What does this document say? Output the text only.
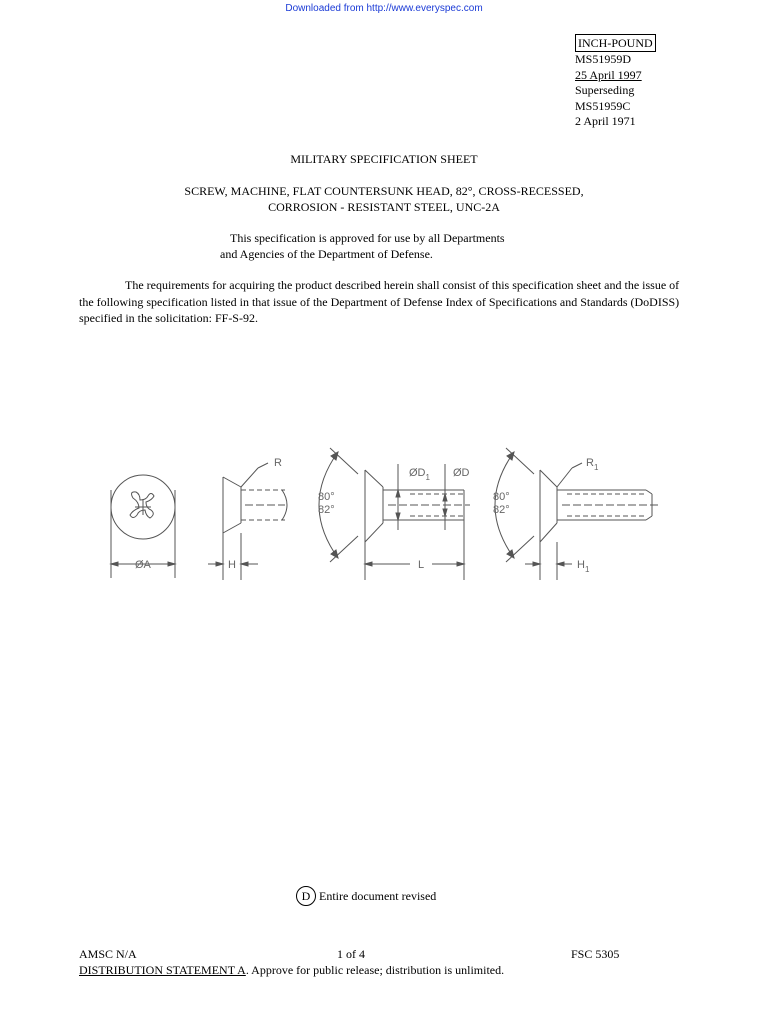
Downloaded from http://www.everyspec.com
INCH-POUND
MS51959D
25 April 1997
Superseding
MS51959C
2 April 1971
MILITARY SPECIFICATION SHEET
SCREW, MACHINE, FLAT COUNTERSUNK HEAD, 82°, CROSS-RECESSED,
CORROSION - RESISTANT STEEL, UNC-2A
This specification is approved for use by all Departments
and Agencies of the Department of Defense.
The requirements for acquiring the product described herein shall consist of this specification sheet and the issue of the following specification listed in that issue of the Department of Defense Index of Specifications and Standards (DoDISS) specified in the solicitation: FF-S-92.
ØA	H
R
L
80°
82°
$ØD_1$ ØD
80°
82°
$R_1$
$H_1$
D Entire document revised
AMSC N/A
DISTRIBUTION STATEMENT A. Approve for public release; distribution is unlimited.
1 of 4	FSC 5305
